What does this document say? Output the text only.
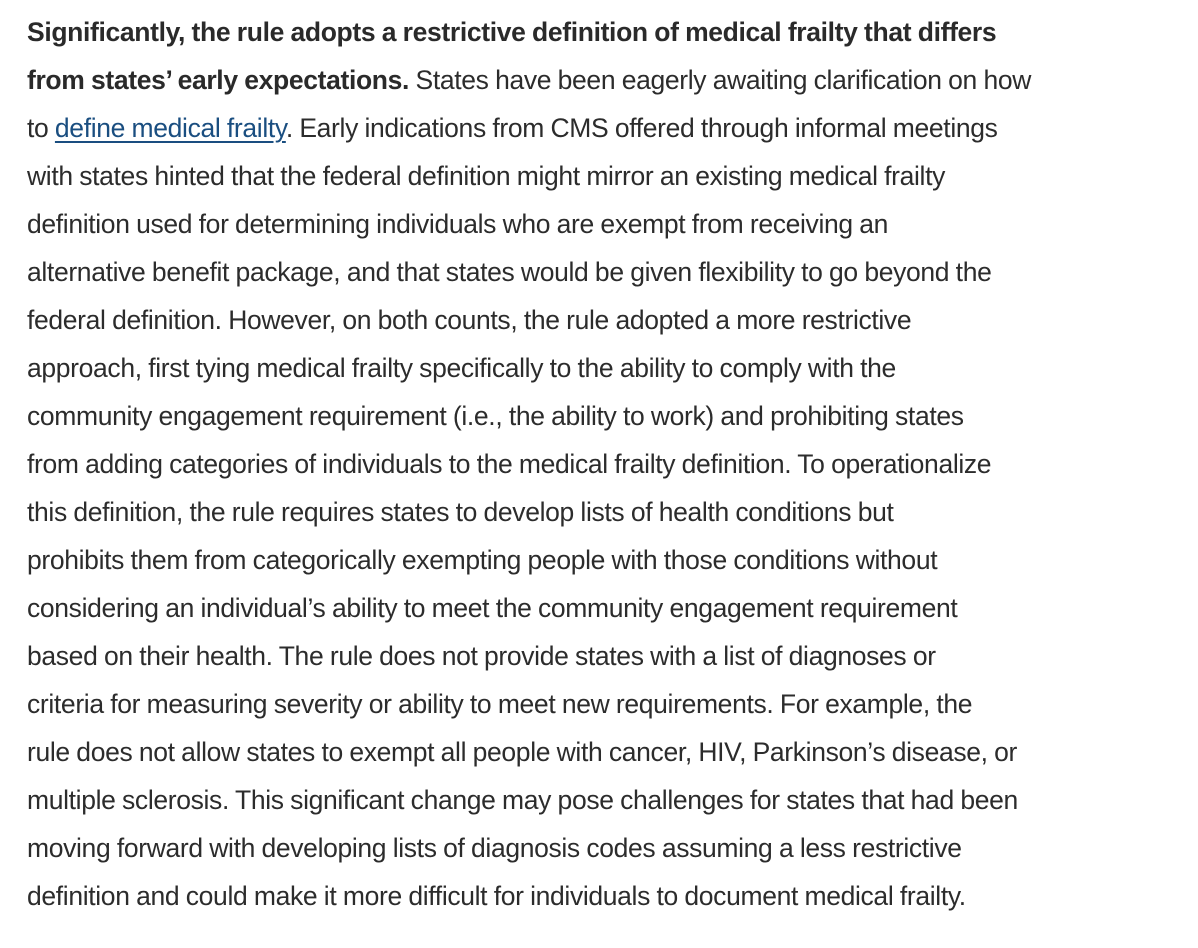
Significantly, the rule adopts a restrictive definition of medical frailty that differs
from states’ early expectations. States have been eagerly awaiting clarification on how
to define medical frailty. Early indications from CMS offered through informal meetings
with states hinted that the federal definition might mirror an existing medical frailty
definition used for determining individuals who are exempt from receiving an
alternative benefit package, and that states would be given flexibility to go beyond the
federal definition. However, on both counts, the rule adopted a more restrictive
approach, first tying medical frailty specifically to the ability to comply with the
community engagement requirement (i.e., the ability to work) and prohibiting states
from adding categories of individuals to the medical frailty definition. To operationalize
this definition, the rule requires states to develop lists of health conditions but
prohibits them from categorically exempting people with those conditions without
considering an individual’s ability to meet the community engagement requirement
based on their health. The rule does not provide states with a list of diagnoses or
criteria for measuring severity or ability to meet new requirements. For example, the
rule does not allow states to exempt all people with cancer, HIV, Parkinson’s disease, or
multiple sclerosis. This significant change may pose challenges for states that had been
moving forward with developing lists of diagnosis codes assuming a less restrictive
definition and could make it more difficult for individuals to document medical frailty.
